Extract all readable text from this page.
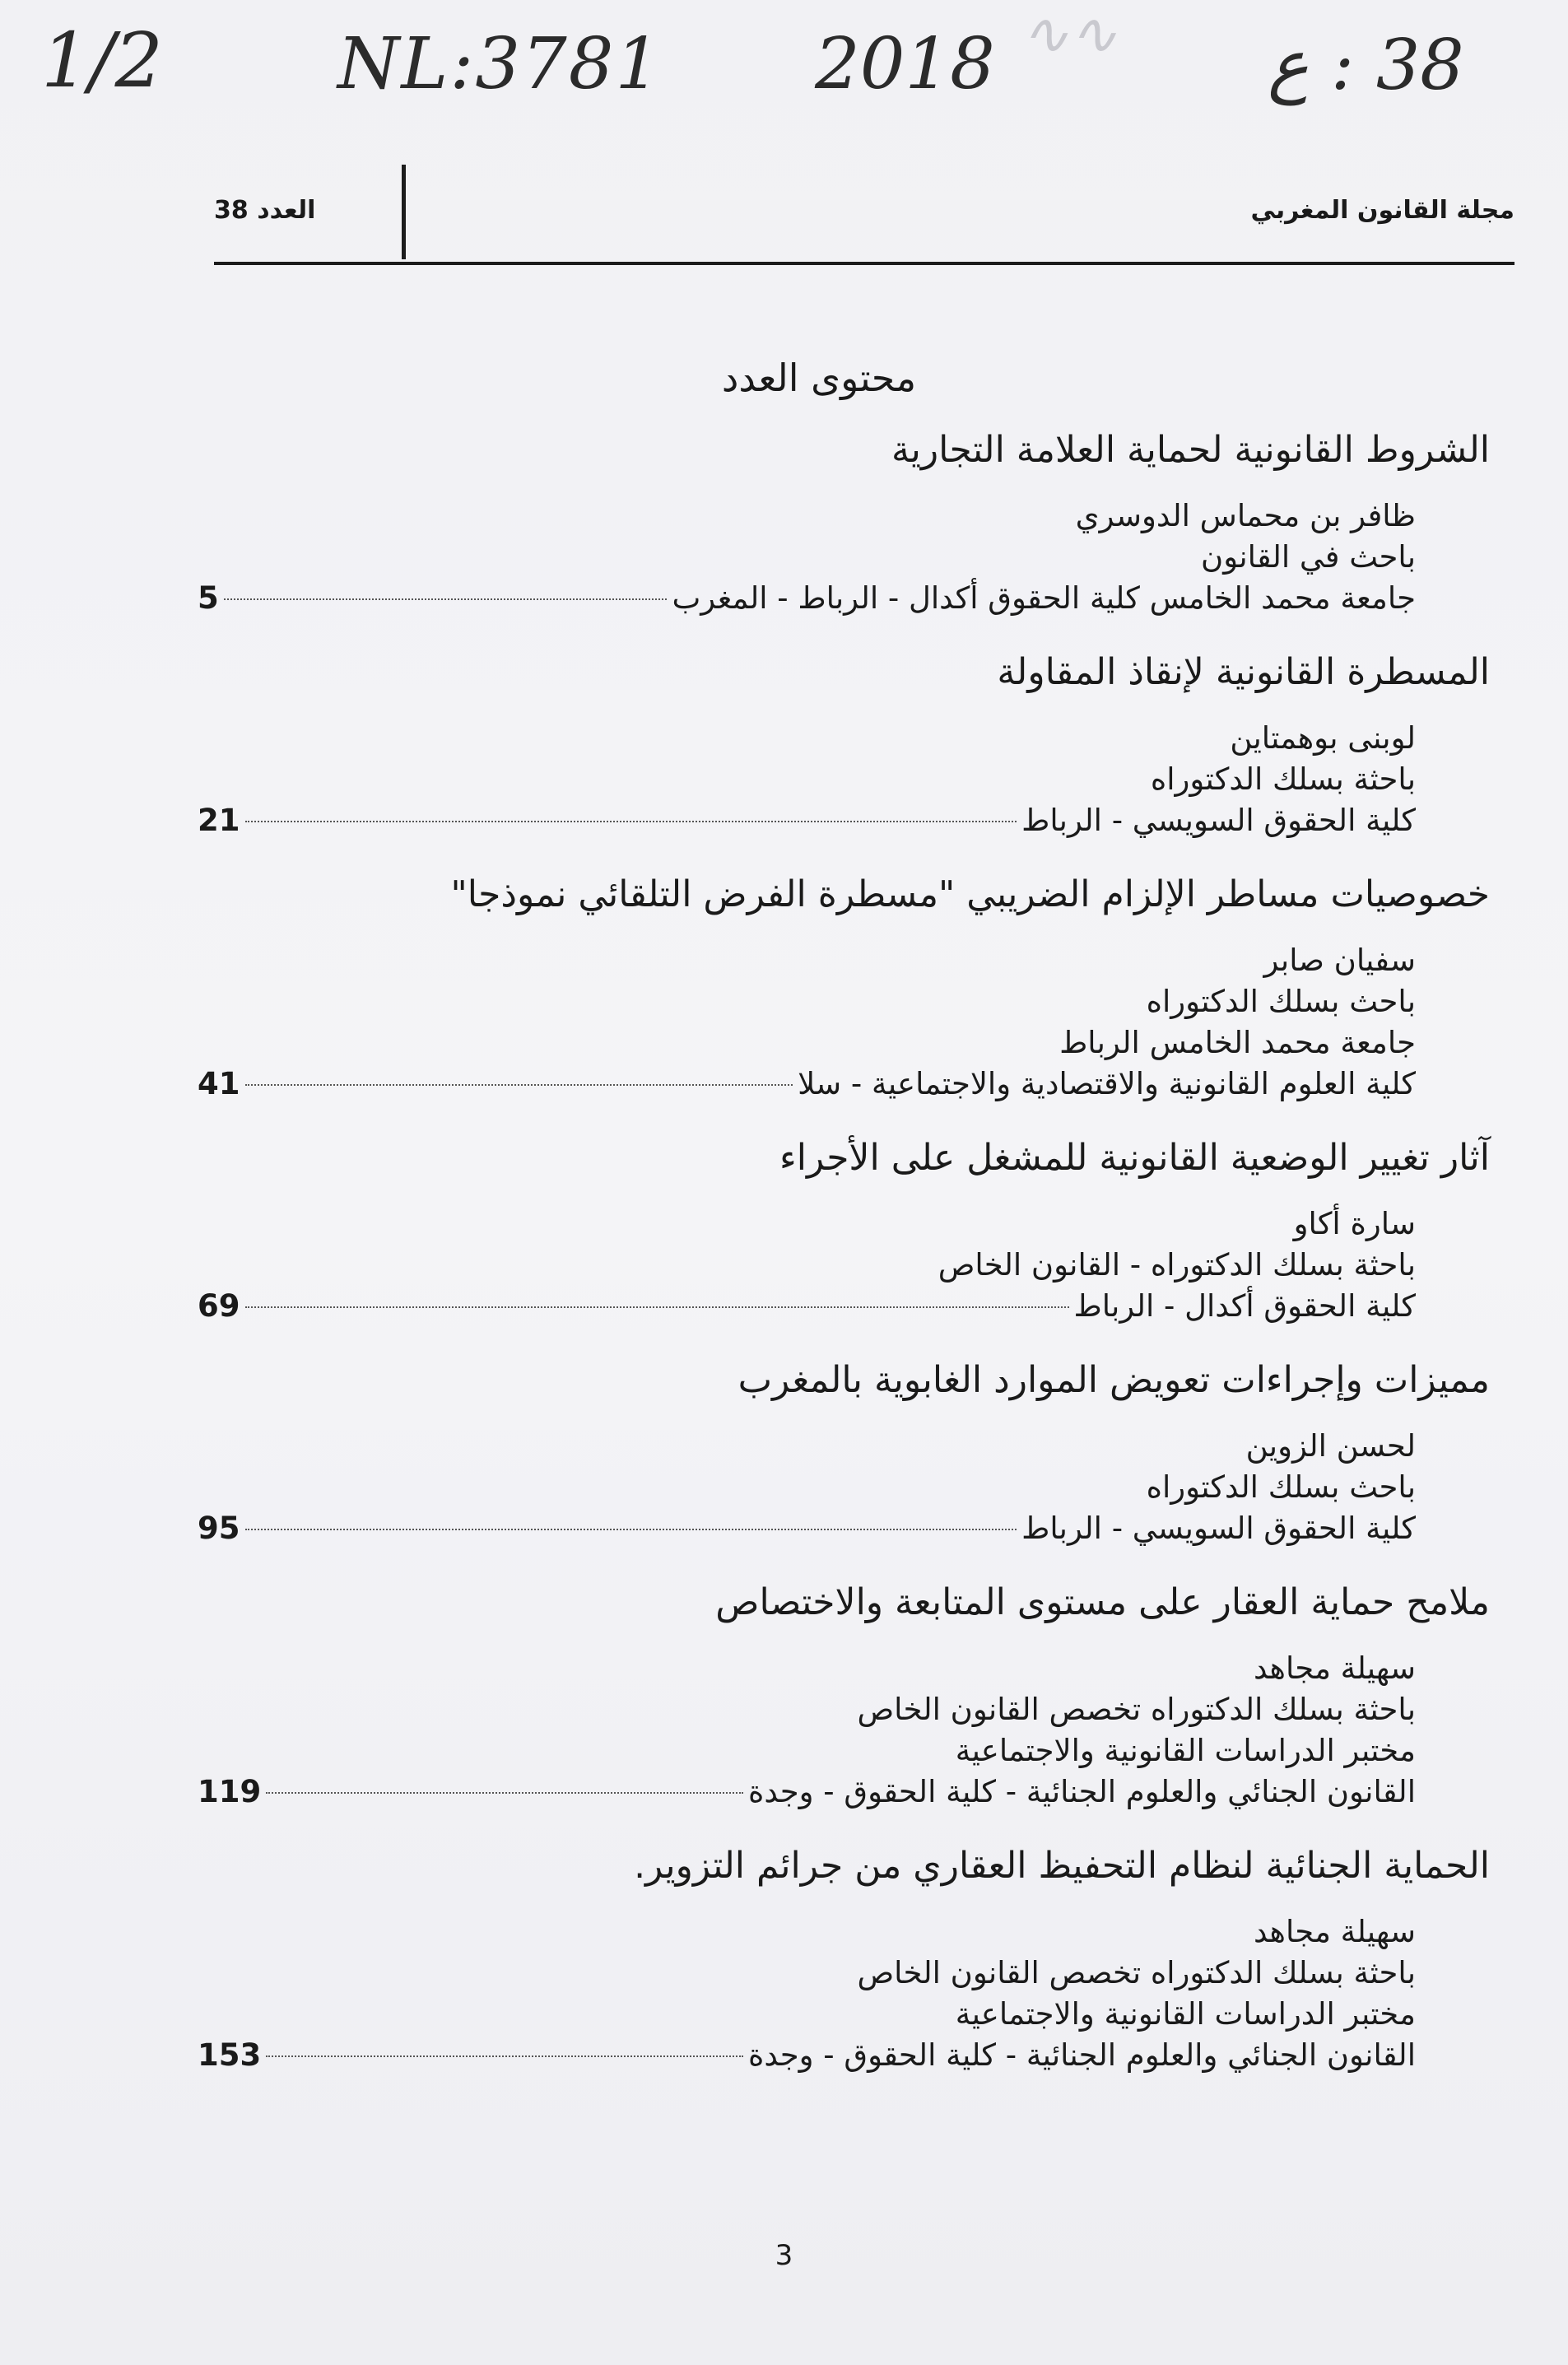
∿∿
1/2 NL:3781 2018	38 : ع
مجلة القانون المغربي
العدد 38
محتوى العدد
الشروط القانونية لحماية العلامة التجارية
ظافر بن محماس الدوسري
باحث في القانون
جامعة محمد الخامس كلية الحقوق أكدال - الرباط - المغرب
5
المسطرة القانونية لإنقاذ المقاولة
لوبنى بوهمتاين
باحثة بسلك الدكتوراه
كلية الحقوق السويسي - الرباط
21
خصوصيات مساطر الإلزام الضريبي "مسطرة الفرض التلقائي نموذجا"
سفيان صابر
باحث بسلك الدكتوراه
جامعة محمد الخامس الرباط
كلية العلوم القانونية والاقتصادية والاجتماعية - سلا
41
آثار تغيير الوضعية القانونية للمشغل على الأجراء
سارة أكاو
باحثة بسلك الدكتوراه - القانون الخاص
كلية الحقوق أكدال - الرباط
69
مميزات وإجراءات تعويض الموارد الغابوية بالمغرب
لحسن الزوين
باحث بسلك الدكتوراه
كلية الحقوق السويسي - الرباط
95
ملامح حماية العقار على مستوى المتابعة والاختصاص
سهيلة مجاهد
باحثة بسلك الدكتوراه تخصص القانون الخاص
مختبر الدراسات القانونية والاجتماعية
القانون الجنائي والعلوم الجنائية - كلية الحقوق - وجدة
119
الحماية الجنائية لنظام التحفيظ العقاري من جرائم التزوير.
سهيلة مجاهد
باحثة بسلك الدكتوراه تخصص القانون الخاص
مختبر الدراسات القانونية والاجتماعية
القانون الجنائي والعلوم الجنائية - كلية الحقوق - وجدة
153
3
